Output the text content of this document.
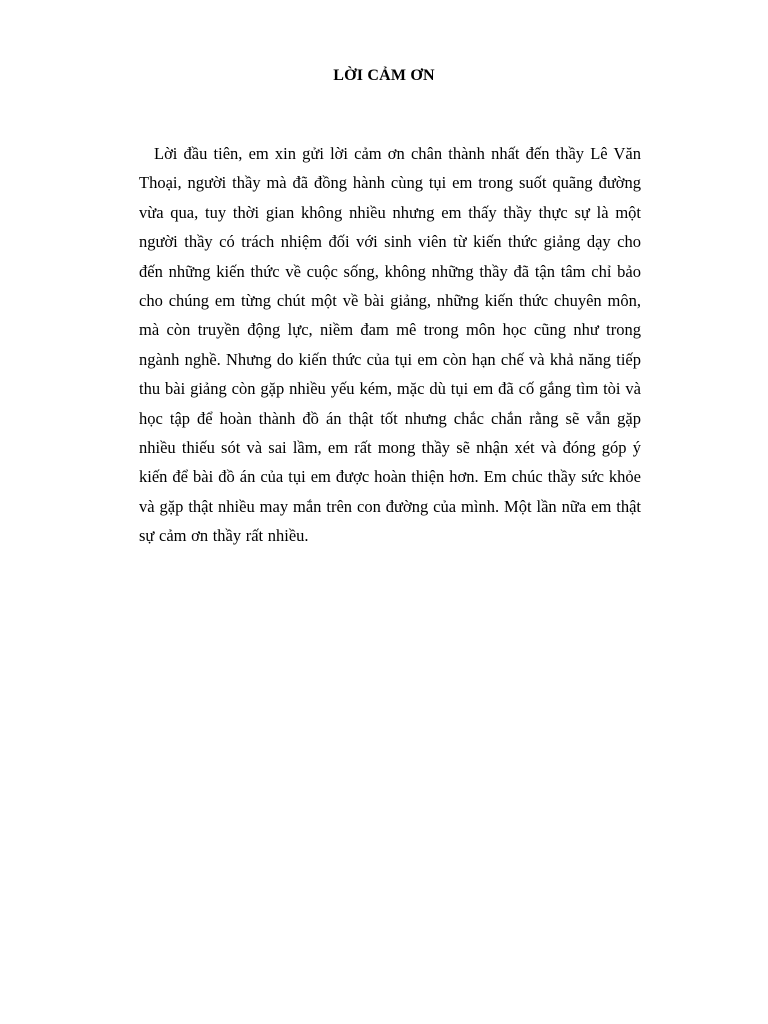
LỜI CẢM ƠN

Lời đầu tiên, em xin gửi lời cảm ơn chân thành nhất đến thầy Lê Văn Thoại, người thầy mà đã đồng hành cùng tụi em trong suốt quãng đường vừa qua, tuy thời gian không nhiều nhưng em thấy thầy thực sự là một người thầy có trách nhiệm đối với sinh viên từ kiến thức giảng dạy cho đến những kiến thức về cuộc sống, không những thầy đã tận tâm chỉ bảo cho chúng em từng chút một về bài giảng, những kiến thức chuyên môn, mà còn truyền động lực, niềm đam mê trong môn học cũng như trong ngành nghề. Nhưng do kiến thức của tụi em còn hạn chế và khả năng tiếp thu bài giảng còn gặp nhiều yếu kém, mặc dù tụi em đã cố gắng tìm tòi và học tập để hoàn thành đồ án thật tốt nhưng chắc chắn rằng sẽ vẫn gặp nhiều thiếu sót và sai lầm, em rất mong thầy sẽ nhận xét và đóng góp ý kiến để bài đồ án của tụi em được hoàn thiện hơn. Em chúc thầy sức khỏe và gặp thật nhiều may mắn trên con đường của mình. Một lần nữa em thật sự cảm ơn thầy rất nhiều.
